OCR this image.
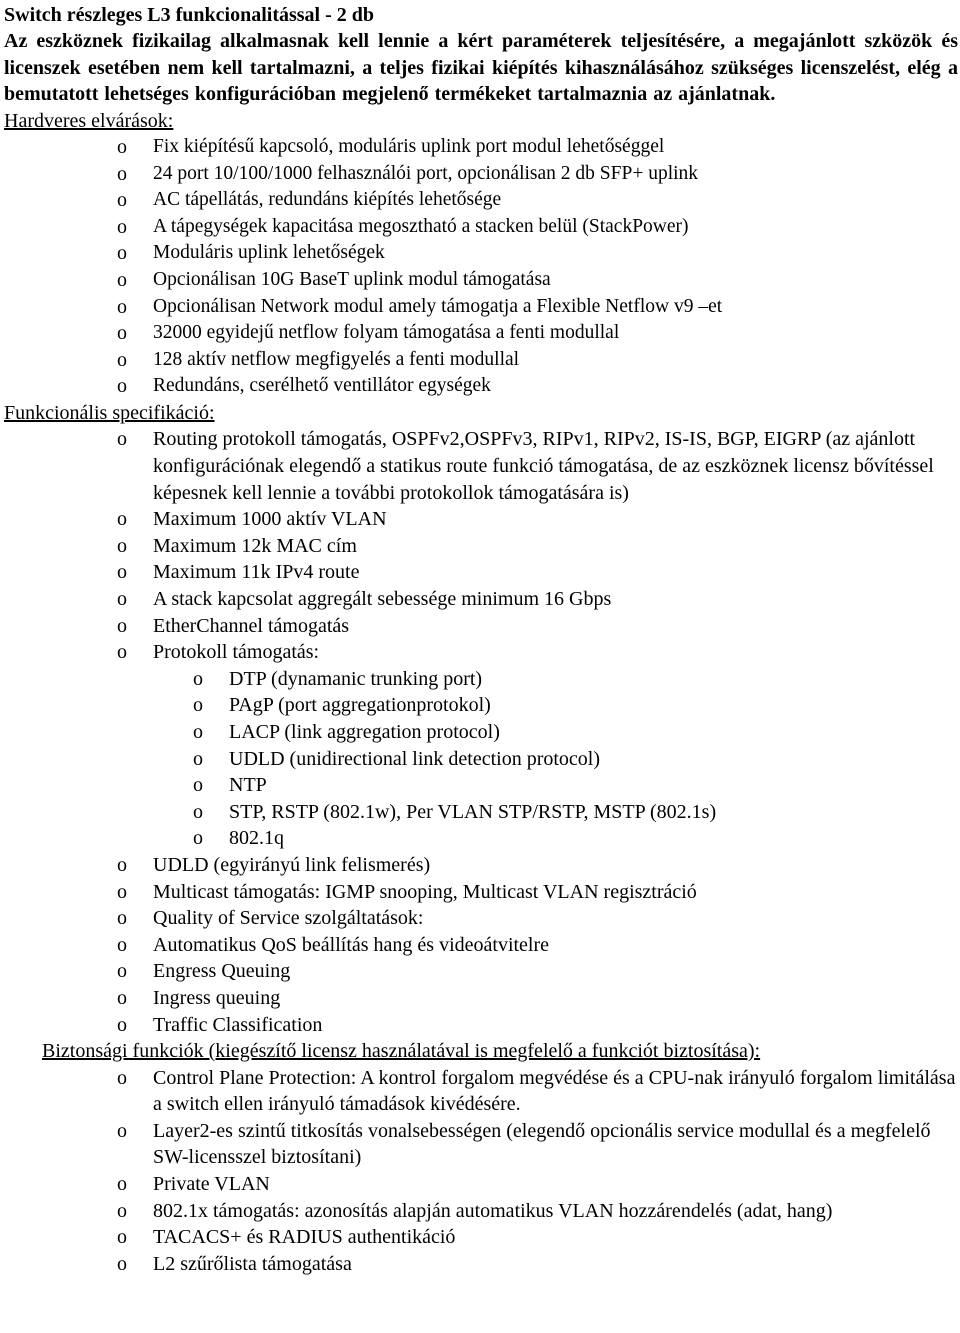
Switch részleges L3 funkcionalitással - 2 db
Az eszköznek fizikailag alkalmasnak kell lennie a kért paraméterek teljesítésére, a megajánlott szközök és licenszek esetében nem kell tartalmazni, a teljes fizikai kiépítés kihasználásához szükséges licenszelést, elég a bemutatott lehetséges konfigurációban megjelenő termékeket tartalmaznia az ajánlatnak.
Hardveres elvárások:
o	Fix kiépítésű kapcsoló, moduláris uplink port modul lehetőséggel
o	24 port 10/100/1000 felhasználói port, opcionálisan 2 db SFP+ uplink
o	AC tápellátás, redundáns kiépítés lehetősége
o	A tápegységek kapacitása megosztható a stacken belül (StackPower)
o	Moduláris uplink lehetőségek
o	Opcionálisan 10G BaseT uplink modul támogatása
o	Opcionálisan Network modul amely támogatja a Flexible Netflow v9 –et
o	32000 egyidejű netflow folyam támogatása a fenti modullal
o	128 aktív netflow megfigyelés a fenti modullal
o	Redundáns, cserélhető ventillátor egységek
Funkcionális specifikáció:
o	Routing protokoll támogatás, OSPFv2,OSPFv3, RIPv1, RIPv2, IS-IS, BGP, EIGRP (az ajánlott konfigurációnak elegendő a statikus route funkció támogatása, de az eszköznek licensz bővítéssel képesnek kell lennie a további protokollok támogatására is)
o	Maximum 1000 aktív VLAN
o	Maximum 12k MAC cím
o	Maximum 11k IPv4 route
o	A stack kapcsolat aggregált sebessége minimum 16 Gbps
o	EtherChannel támogatás
o	Protokoll támogatás:
o	DTP (dynamanic trunking port)
o	PAgP (port aggregationprotokol)
o	LACP (link aggregation protocol)
o	UDLD (unidirectional link detection protocol)
o	NTP
o	STP, RSTP (802.1w), Per VLAN STP/RSTP, MSTP (802.1s)
o	802.1q
o	UDLD (egyirányú link felismerés)
o	Multicast támogatás: IGMP snooping, Multicast VLAN regisztráció
o	Quality of Service szolgáltatások:
o	Automatikus QoS beállítás hang és videoátvitelre
o	Engress Queuing
o	Ingress queuing
o	Traffic Classification
Biztonsági funkciók (kiegészítő licensz használatával is megfelelő a funkciót biztosítása):
o	Control Plane Protection: A kontrol forgalom megvédése és a CPU-nak irányuló forgalom limitálása a switch ellen irányuló támadások kivédésére.
o	Layer2-es szintű titkosítás vonalsebességen (elegendő opcionális service modullal és a megfelelő SW-licensszel biztosítani)
o	Private VLAN
o	802.1x támogatás: azonosítás alapján automatikus VLAN hozzárendelés (adat, hang)
o	TACACS+ és RADIUS authentikáció
o	L2 szűrőlista támogatása
